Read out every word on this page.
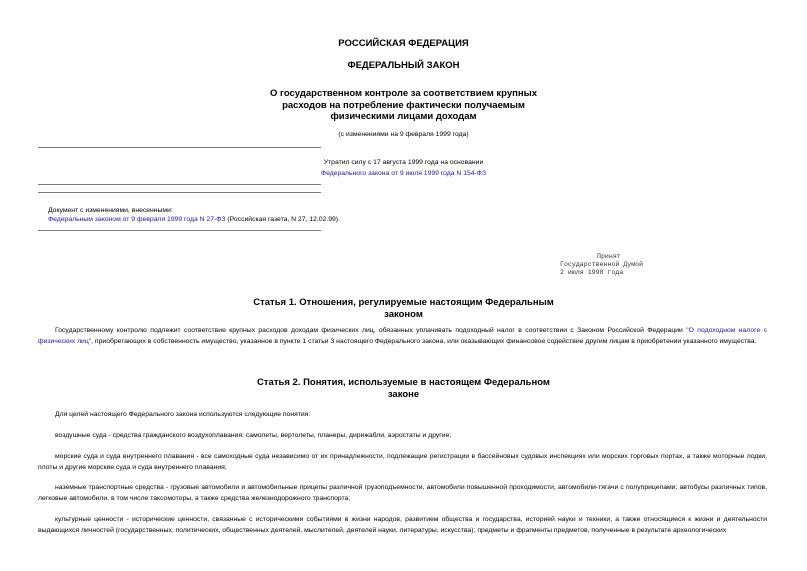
РОССИЙСКАЯ ФЕДЕРАЦИЯ
ФЕДЕРАЛЬНЫЙ ЗАКОН
О государственном контроле за соответствием крупных
расходов на потребление фактически получаемым
физическими лицами доходам
(с изменениями на 9 февраля 1999 года)
Утратил силу с 17 августа 1999 года на основании
Федерального закона от 9 июля 1999 года N 154-ФЗ
Документ с изменениями, внесенными:
Федеральным законом от 9 февраля 1999 года N 27-ФЗ (Российская газета, N 27, 12.02.99).
Принят
Государственной Думой
2 июля 1998 года
Статья 1. Отношения, регулируемые настоящим Федеральным
законом
Государственному контролю подлежит соответствие крупных расходов доходам физических лиц, обязанных уплачивать подоходный налог в соответствии с Законом Российской Федерации "О подоходном налоге с физических лиц", приобретающих в собственность имущество, указанное в пункте 1 статьи 3 настоящего Федерального закона, или оказывающих финансовое содействие другим лицам в приобретении указанного имущества.
Статья 2. Понятия, используемые в настоящем Федеральном
законе
Для целей настоящего Федерального закона используются следующие понятия:
воздушные суда - средства гражданского воздухоплавания: самолеты, вертолеты, планеры, дирижабли, аэростаты и другие;
морские суда и суда внутреннего плавания - все самоходные суда независимо от их принадлежности, подлежащие регистрации в бассейновых судовых инспекциях или морских торговых портах, а также моторные лодки, плоты и другие морские суда и суда внутреннего плавания;
наземные транспортные средства - грузовые автомобили и автомобильные прицепы различной грузоподъемности, автомобили повышенной проходимости, автомобили-тягачи с полуприцепами; автобусы различных типов, легковые автомобили, в том числе таксомоторы, а также средства железнодорожного транспорта;
культурные ценности - исторические ценности, связанные с историческими событиями в жизни народов, развитием общества и государства, историей науки и техники, а также относящиеся к жизни и деятельности выдающихся личностей (государственных, политических, общественных деятелей, мыслителей, деятелей науки, литературы, искусства); предметы и фрагменты предметов, полученные в результате археологических
